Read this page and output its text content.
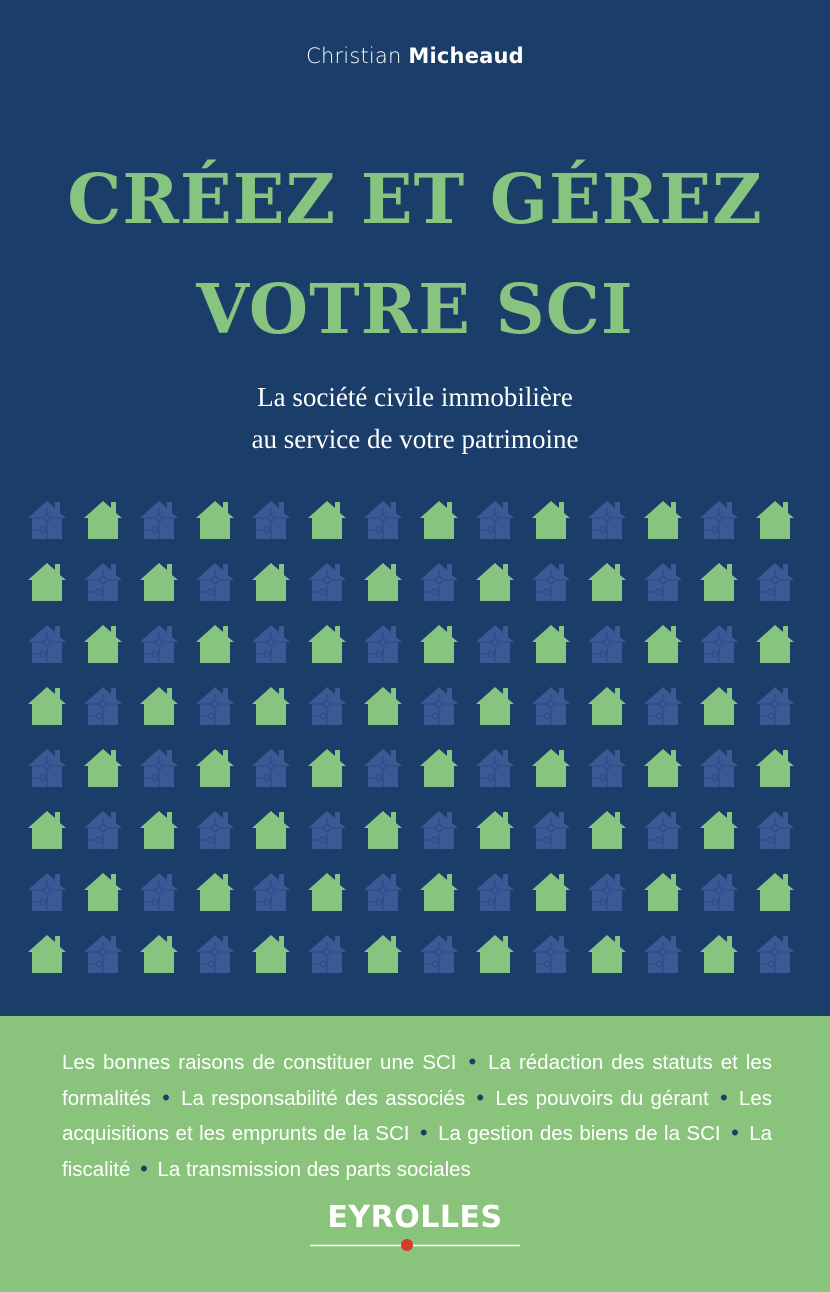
Christian Micheaud
CRÉEZ ET GÉREZ
VOTRE SCI
La société civile immobilière
au service de votre patrimoine
Les bonnes raisons de constituer une SCI • La rédaction des statuts et les formalités • La responsabilité des associés • Les pouvoirs du gérant • Les acquisitions et les emprunts de la SCI • La gestion des biens de la SCI • La fiscalité • La transmission des parts sociales
EYROLLES
